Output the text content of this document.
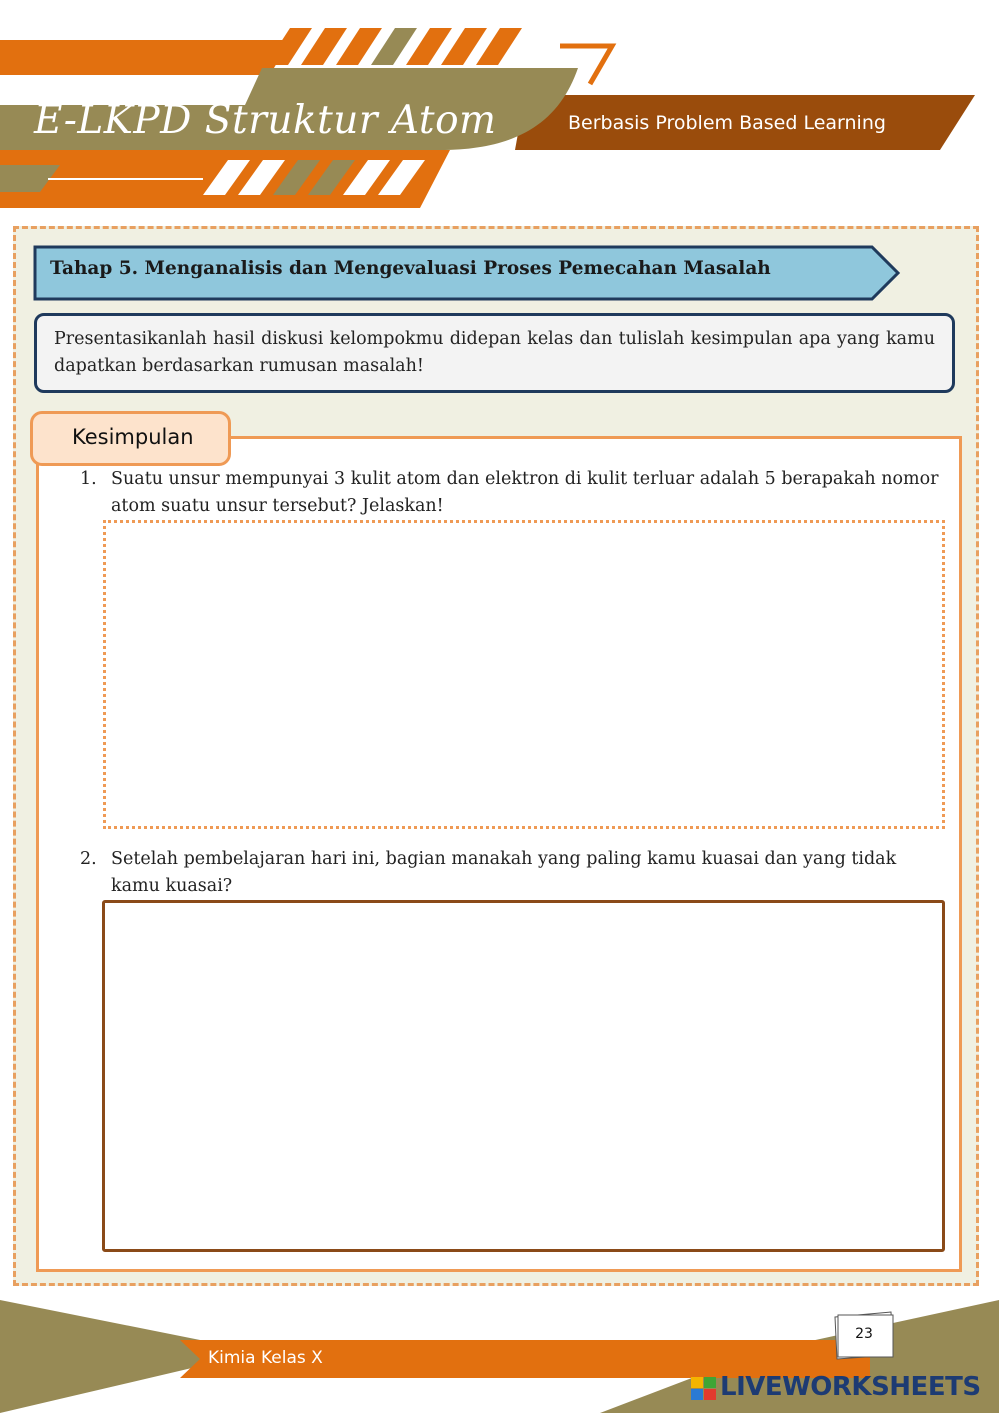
E-LKPD Struktur Atom	Berbasis Problem Based Learning
Tahap 5. Menganalisis dan Mengevaluasi Proses Pemecahan Masalah
Presentasikanlah hasil diskusi kelompokmu didepan kelas dan tulislah kesimpulan apa yang kamu dapatkan berdasarkan rumusan masalah!
Kesimpulan
1. Suatu unsur mempunyai 3 kulit atom dan elektron di kulit terluar adalah 5 berapakah nomor atom suatu unsur tersebut? Jelaskan!
2. Setelah pembelajaran hari ini, bagian manakah yang paling kamu kuasai dan yang tidak kamu kuasai?
Kimia Kelas X
23
LIVEWORKSHEETS
